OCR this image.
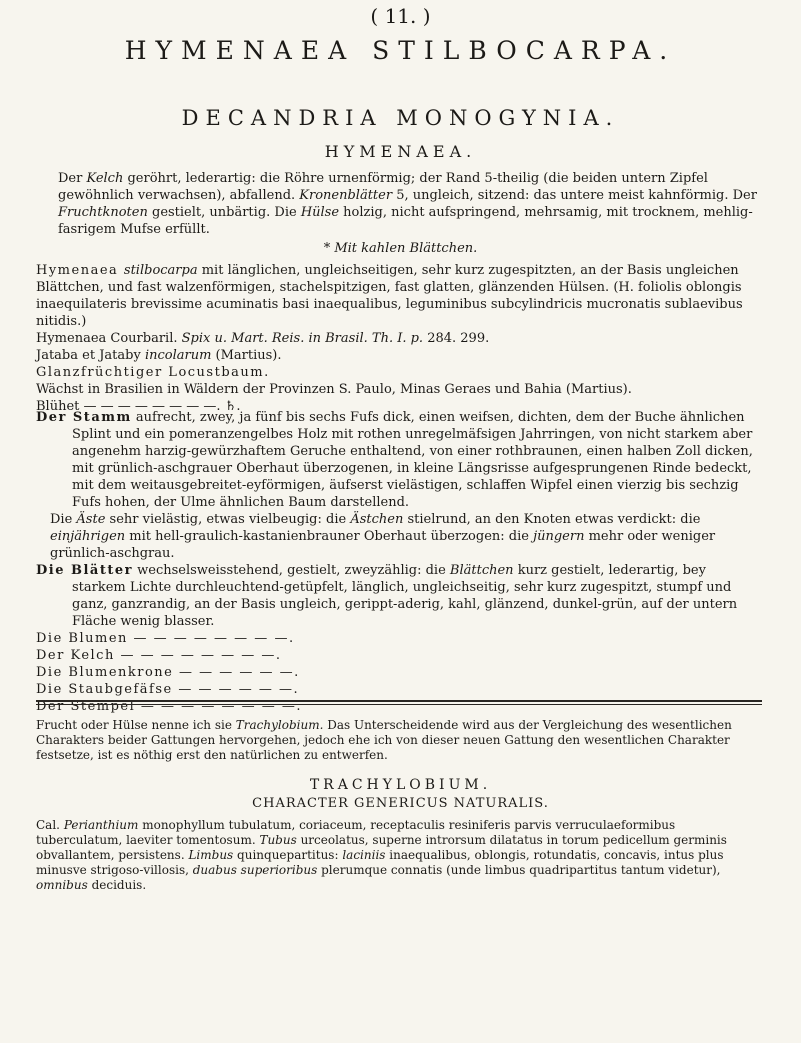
( 11. )
HYMENAEA STILBOCARPA.
DECANDRIA MONOGYNIA.
HYMENAEA.

Der Kelch geröhrt, lederartig: die Röhre urnenförmig; der Rand 5-theilig (die beiden untern Zipfel gewöhnlich verwachsen), abfallend. Kronenblätter 5, ungleich, sitzend: das untere meist kahnförmig. Der Fruchtknoten gestielt, unbärtig. Die Hülse holzig, nicht aufspringend, mehrsamig, mit trocknem, mehlig-fasrigem Mufse erfüllt.

* Mit kahlen Blättchen.

Hymenaea stilbocarpa mit länglichen, ungleichseitigen, sehr kurz zugespitzten, an der Basis ungleichen Blättchen, und fast walzenförmigen, stachelspitzigen, fast glatten, glänzenden Hülsen. (H. foliolis oblongis inaequilateris brevissime acuminatis basi inaequalibus, leguminibus subcylindricis mucronatis sublaevibus nitidis.)

Hymenaea Courbaril. Spix u. Mart. Reis. in Brasil. Th. I. p. 284. 299.

Jataba et Jataby incolarum (Martius).

Glanzfrüchtiger Locustbaum.

Wächst in Brasilien in Wäldern der Provinzen S. Paulo, Minas Geraes und Bahia (Martius).

Blühet — — — — — — — —. ♄.

Der Stamm aufrecht, zwey, ja fünf bis sechs Fufs dick, einen weifsen, dichten, dem der Buche ähnlichen Splint und ein pomeranzengelbes Holz mit rothen unregelmäfsigen Jahrringen, von nicht starkem aber angenehm harzig-gewürzhaftem Geruche enthaltend, von einer rothbraunen, einen halben Zoll dicken, mit grünlich-aschgrauer Oberhaut überzogenen, in kleine Längsrisse aufgesprungenen Rinde bedeckt, mit dem weitausgebreitet-eyförmigen, äufserst vielästigen, schlaffen Wipfel einen vierzig bis sechzig Fufs hohen, der Ulme ähnlichen Baum darstellend.

Die Äste sehr vielästig, etwas vielbeugig: die Ästchen stielrund, an den Knoten etwas verdickt: die einjährigen mit hell-graulich-kastanienbrauner Oberhaut überzogen: die jüngern mehr oder weniger grünlich-aschgrau.

Die Blätter wechselsweisstehend, gestielt, zweyzählig: die Blättchen kurz gestielt, lederartig, bey starkem Lichte durchleuchtend-getüpfelt, länglich, ungleichseitig, sehr kurz zugespitzt, stumpf und ganz, ganzrandig, an der Basis ungleich, gerippt-aderig, kahl, glänzend, dunkel-grün, auf der untern Fläche wenig blasser.

Die Blumen — — — — — — — —.

Der Kelch — — — — — — — —.

Die Blumenkrone — — — — — —.

Die Staubgefäfse — — — — — —.

Der Stempel — — — — — — — —.

Frucht oder Hülse nenne ich sie Trachylobium. Das Unterscheidende wird aus der Vergleichung des wesentlichen Charakters beider Gattungen hervorgehen, jedoch ehe ich von dieser neuen Gattung den wesentlichen Charakter festsetze, ist es nöthig erst den natürlichen zu entwerfen.

TRACHYLOBIUM.
CHARACTER GENERICUS NATURALIS.

Cal. Perianthium monophyllum tubulatum, coriaceum, receptaculis resiniferis parvis verruculaeformibus tuberculatum, laeviter tomentosum. Tubus urceolatus, superne introrsum dilatatus in torum pedicellum germinis obvallantem, persistens. Limbus quinquepartitus: laciniis inaequalibus, oblongis, rotundatis, concavis, intus plus minusve strigoso-villosis, duabus superioribus plerumque connatis (unde limbus quadripartitus tantum videtur), omnibus deciduis.
